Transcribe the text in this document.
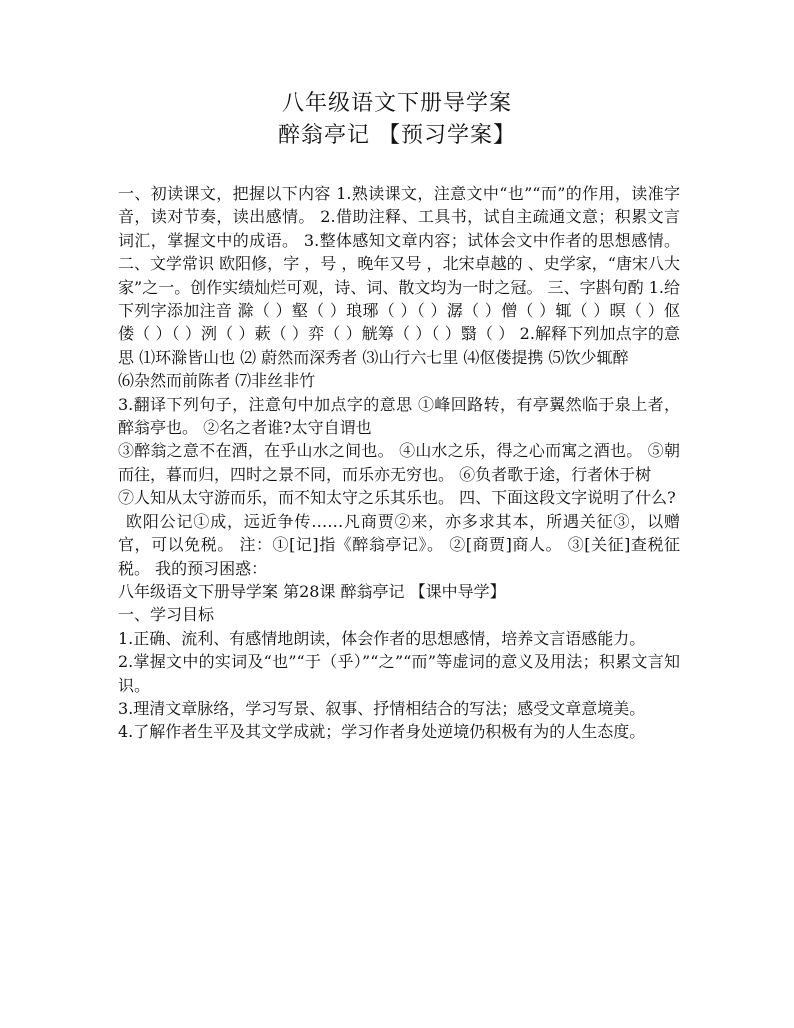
八年级语文下册导学案
醉翁亭记 【预习学案】

一、初读课文，把握以下内容 1.熟读课文，注意文中“也”“而”的作用，读准字音，读对节奏，读出感情。 2.借助注释、工具书，试自主疏通文意；积累文言词汇，掌握文中的成语。 3.整体感知文章内容；试体会文中作者的思想感情。 二、文学常识 欧阳修，字 ，号 ，晚年又号 ，北宋卓越的 、史学家，“唐宋八大家”之一。创作实绩灿烂可观，诗、词、散文均为一时之冠。 三、字斟句酌 1.给下列字添加注音 滁（ ）壑（ ）琅琊（ ）（ ）潺（ ）僧（ ）辄（ ）暝（ ）伛偻（ ）（ ）洌（ ）蔌（ ）弈（ ）觥筹（ ）（ ）翳（ ） 2.解释下列加点字的意思 ⑴环滁皆山也 ⑵ 蔚然而深秀者 ⑶山行六七里 ⑷伛偻提携 ⑸饮少辄醉

⑹杂然而前陈者 ⑺非丝非竹

3.翻译下列句子，注意句中加点字的意思 ①峰回路转，有亭翼然临于泉上者，醉翁亭也。 ②名之者谁?太守自谓也

③醉翁之意不在酒，在乎山水之间也。 ④山水之乐，得之心而寓之酒也。 ⑤朝而往，暮而归，四时之景不同，而乐亦无穷也。 ⑥负者歌于途，行者休于树

⑦人知从太守游而乐，而不知太守之乐其乐也。 四、下面这段文字说明了什么?

欧阳公记①成，远近争传……凡商贾②来，亦多求其本，所遇关征③，以赠官，可以免税。 注：①[记]指《醉翁亭记》。 ②[商贾]商人。 ③[关征]查税征税。 我的预习困惑：

八年级语文下册导学案 第28课 醉翁亭记 【课中导学】

一、学习目标

1.正确、流利、有感情地朗读，体会作者的思想感情，培养文言语感能力。

2.掌握文中的实词及“也”“于（乎）”“之”“而”等虚词的意义及用法；积累文言知识。

3.理清文章脉络，学习写景、叙事、抒情相结合的写法；感受文章意境美。

4.了解作者生平及其文学成就；学习作者身处逆境仍积极有为的人生态度。
